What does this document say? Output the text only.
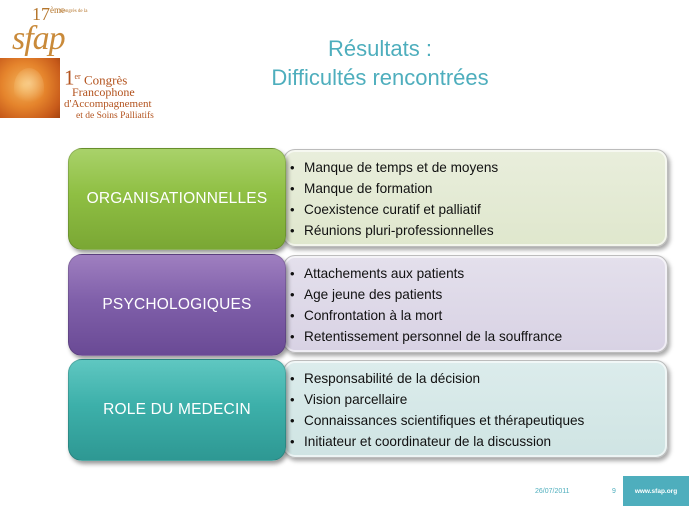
17ème
Congrès de la
sfap
1er Congrès
Francophone
d'Accompagnement
et de Soins Palliatifs
Résultats :
Difficultés rencontrées
• Manque de temps et de moyens
• Manque de formation
• Coexistence curatif et palliatif
• Réunions pluri-professionnelles
ORGANISATIONNELLES
• Attachements aux patients
• Age jeune des patients
• Confrontation à la mort
• Retentissement personnel de la souffrance
PSYCHOLOGIQUES
• Responsabilité de la décision
• Vision parcellaire
• Connaissances scientifiques et thérapeutiques
• Initiateur et coordinateur de la discussion
ROLE DU MEDECIN
26/07/2011	9	www.sfap.org
